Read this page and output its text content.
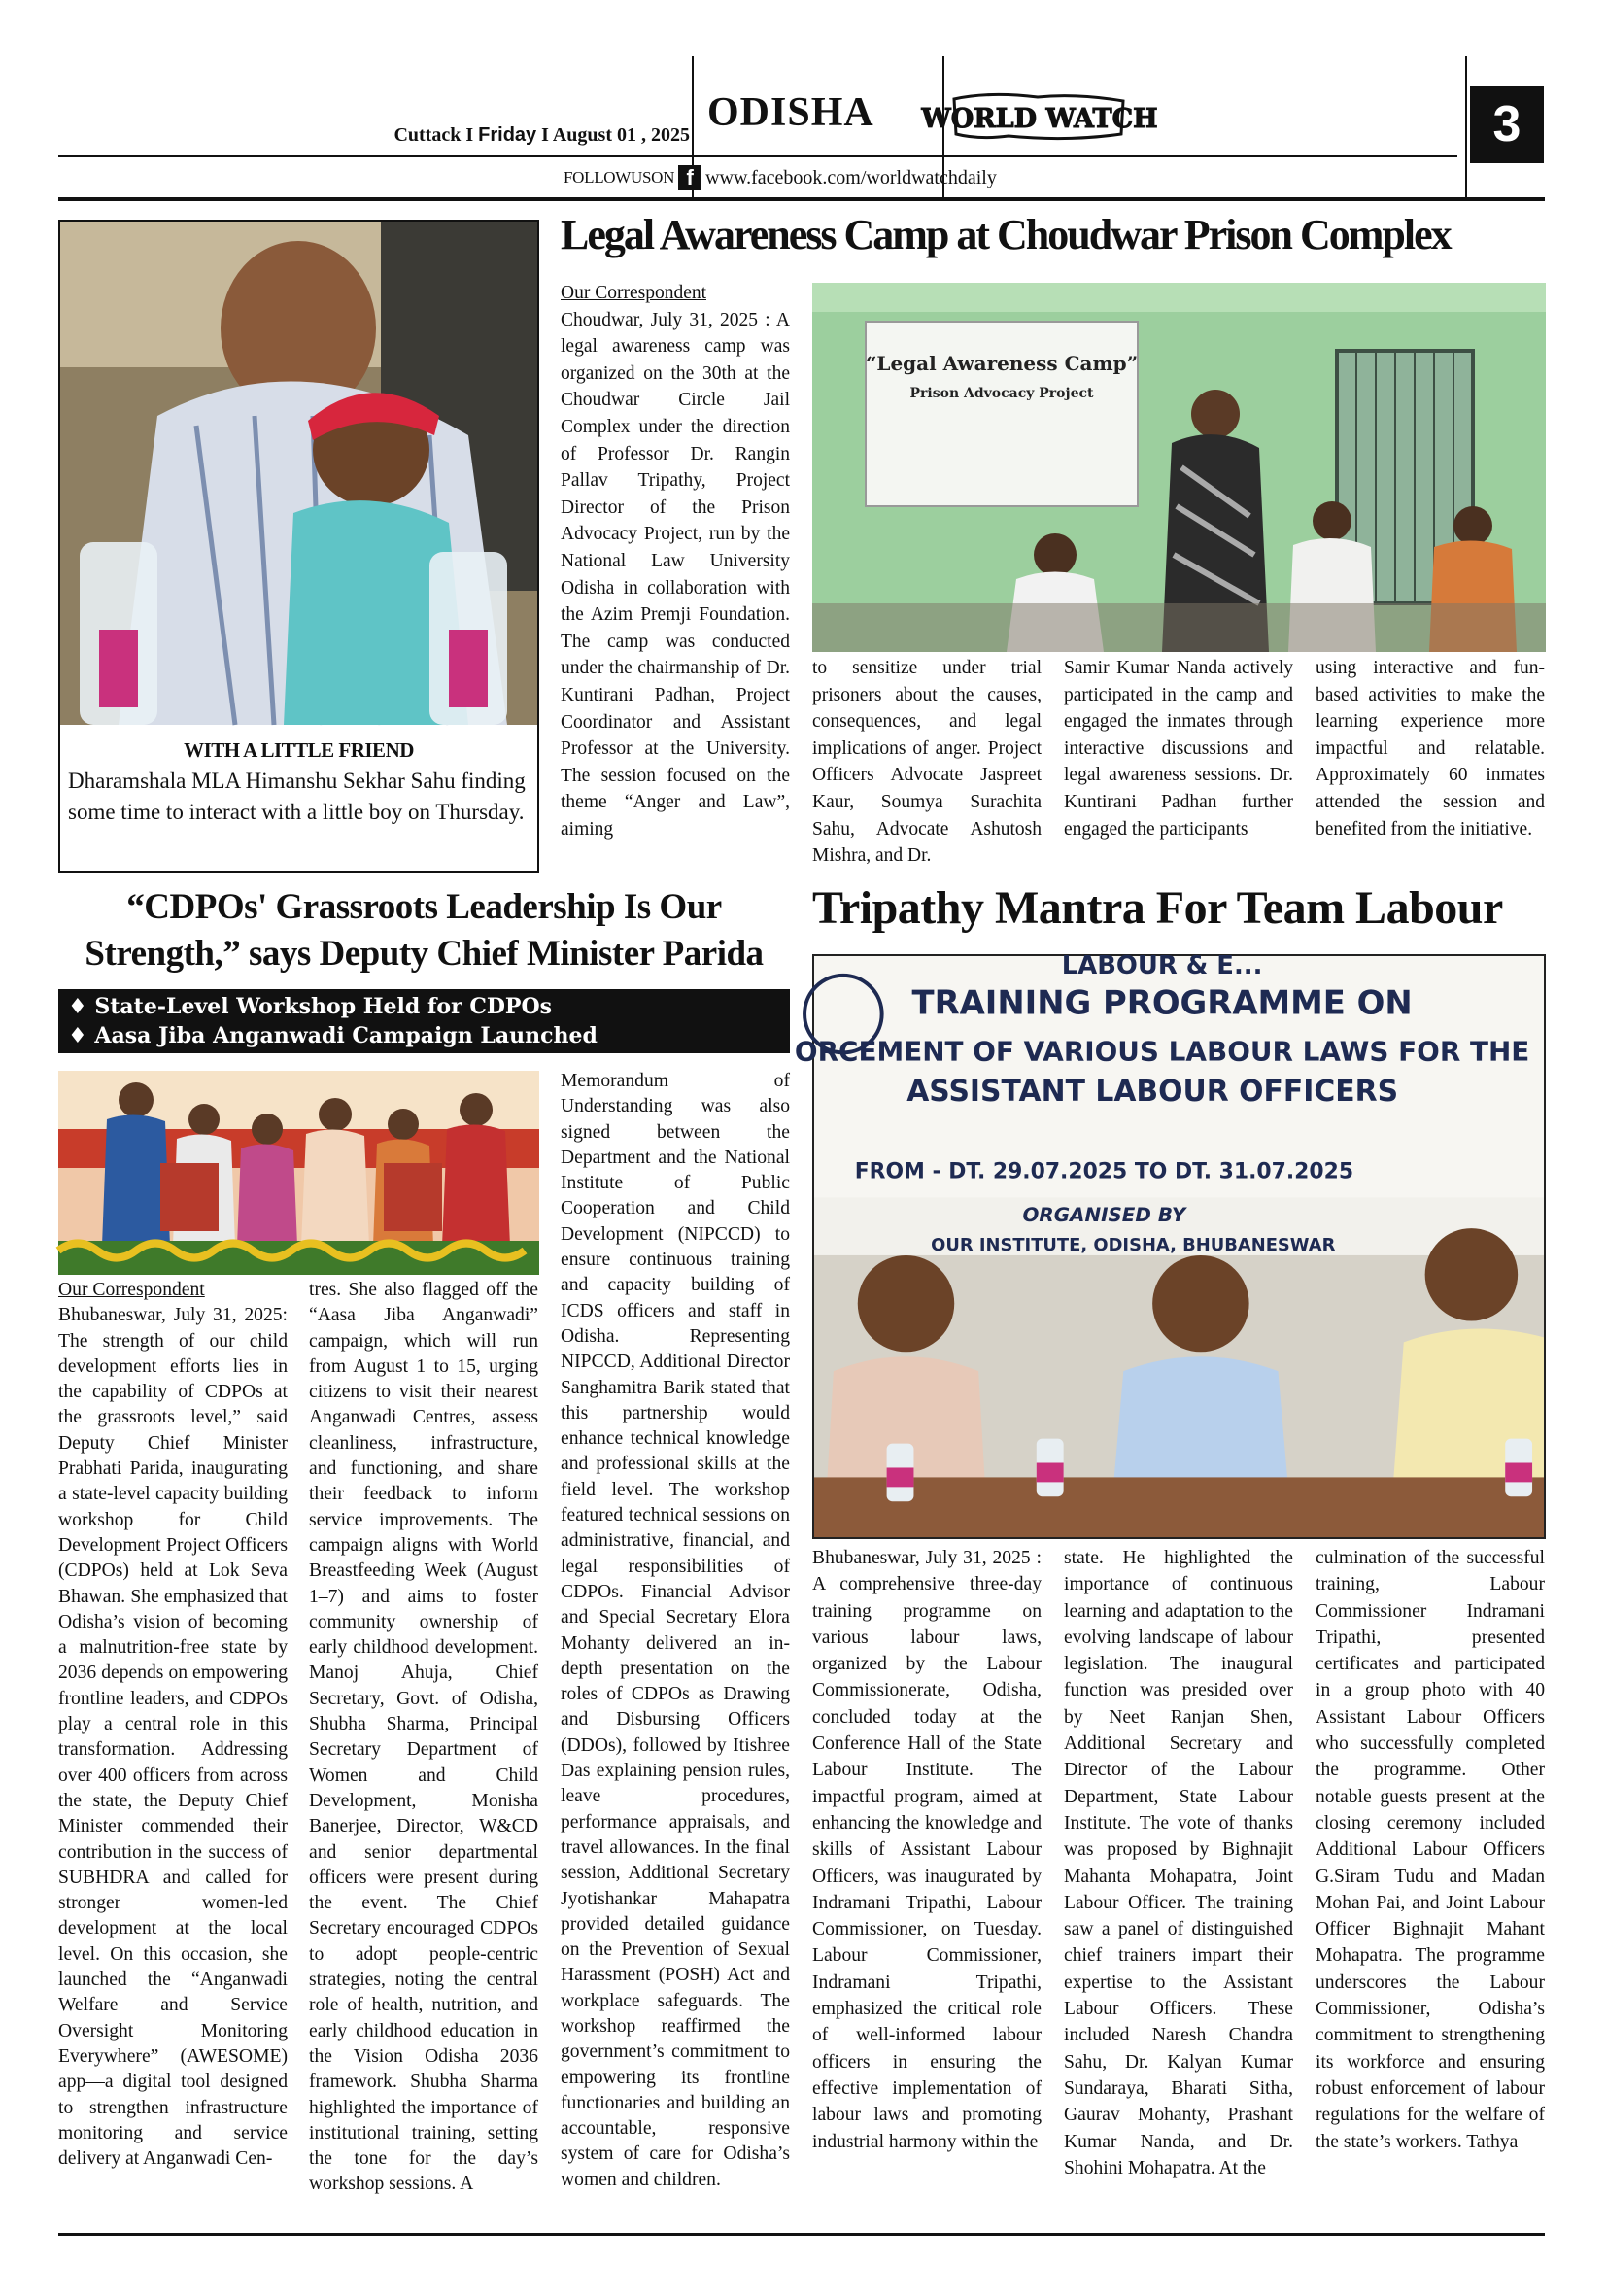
Cuttack I Friday I August 01 , 2025 ODISHA WORLD WATCH	3
FOLLOWUSON f www.facebook.com/worldwatchdaily
WITH A LITTLE FRIEND
Dharamshala MLA Himanshu Sekhar Sahu finding some time to interact with a little boy on Thursday.
Legal Awareness Camp at Choudwar Prison Complex
Our Correspondent

Choudwar, July 31, 2025 : A legal awareness camp was organized on the 30th at the Choudwar Circle Jail Complex under the direction of Professor Dr. Rangin Pallav Tripathy, Project Director of the Prison Advocacy Project, run by the National Law University Odisha in collaboration with the Azim Premji Foundation. The camp was conducted under the chairmanship of Dr. Kuntirani Padhan, Project Coordinator and Assistant Professor at the University. The session focused on the theme “Anger and Law”, aiming

“Legal Awareness Camp”
Prison Advocacy Project
to sensitize under trial prisoners about the causes, consequences, and legal implications of anger. Project Officers Advocate Jaspreet Kaur, Soumya Surachita Sahu, Advocate Ashutosh Mishra, and Dr.
Samir Kumar Nanda actively participated in the camp and engaged the inmates through interactive discussions and legal awareness sessions. Dr. Kuntirani Padhan further engaged the participants
using interactive and fun-based activities to make the learning experience more impactful and relatable. Approximately 60 inmates attended the session and benefited from the initiative.
“CDPOs' Grassroots Leadership Is Our
Strength,” says Deputy Chief Minister Parida
♦ State-Level Workshop Held for CDPOs
♦ Aasa Jiba Anganwadi Campaign Launched
Our Correspondent

Bhubaneswar, July 31, 2025: The strength of our child development efforts lies in the capability of CDPOs at the grassroots level,” said Deputy Chief Minister Prabhati Parida, inaugurating a state-level capacity building workshop for Child Development Project Officers (CDPOs) held at Lok Seva Bhawan. She emphasized that Odisha’s vision of becoming a malnutrition-free state by 2036 depends on empowering frontline leaders, and CDPOs play a central role in this transformation. Addressing over 400 officers from across the state, the Deputy Chief Minister commended their contribution in the success of SUBHDRA and called for stronger women-led development at the local level. On this occasion, she launched the “Anganwadi Welfare and Service Oversight Monitoring Everywhere” (AWESOME) app—a digital tool designed to strengthen infrastructure monitoring and service delivery at Anganwadi Cen-

tres. She also flagged off the “Aasa Jiba Anganwadi” campaign, which will run from August 1 to 15, urging citizens to visit their nearest Anganwadi Centres, assess cleanliness, infrastructure, and functioning, and share their feedback to inform service improvements. The campaign aligns with World Breastfeeding Week (August 1–7) and aims to foster community ownership of early childhood development. Manoj Ahuja, Chief Secretary, Govt. of Odisha, Shubha Sharma, Principal Secretary Department of Women and Child Development, Monisha Banerjee, Director, W&CD and senior departmental officers were present during the event. The Chief Secretary encouraged CDPOs to adopt people-centric strategies, noting the central role of health, nutrition, and early childhood education in the Vision Odisha 2036 framework. Shubha Sharma highlighted the importance of institutional training, setting the tone for the day’s workshop sessions. A
Memorandum of Understanding was also signed between the Department and the National Institute of Public Cooperation and Child Development (NIPCCD) to ensure continuous training and capacity building of ICDS officers and staff in Odisha. Representing NIPCCD, Additional Director Sanghamitra Barik stated that this partnership would enhance technical knowledge and professional skills at the field level. The workshop featured technical sessions on administrative, financial, and legal responsibilities of CDPOs. Financial Advisor and Special Secretary Elora Mohanty delivered an in-depth presentation on the roles of CDPOs as Drawing and Disbursing Officers (DDOs), followed by Itishree Das explaining pension rules, leave procedures, performance appraisals, and travel allowances. In the final session, Additional Secretary Jyotishankar Mahapatra provided detailed guidance on the Prevention of Sexual Harassment (POSH) Act and workplace safeguards. The workshop reaffirmed the government’s commitment to empowering its frontline functionaries and building an accountable, responsive system of care for Odisha’s women and children.
Tripathy Mantra For Team Labour
LABOUR & E...
TRAINING PROGRAMME ON
ORCEMENT OF VARIOUS LABOUR LAWS FOR THE
ASSISTANT LABOUR OFFICERS
FROM - DT. 29.07.2025 TO DT. 31.07.2025
ORGANISED BY
OUR INSTITUTE, ODISHA, BHUBANESWAR
Bhubaneswar, July 31, 2025 : A comprehensive three-day training programme on various labour laws, organized by the Labour Commissionerate, Odisha, concluded today at the Conference Hall of the State Labour Institute. The impactful program, aimed at enhancing the knowledge and skills of Assistant Labour Officers, was inaugurated by Indramani Tripathi, Labour Commissioner, on Tuesday. Labour Commissioner, Indramani Tripathi, emphasized the critical role of well-informed labour officers in ensuring the effective implementation of labour laws and promoting industrial harmony within the
state. He highlighted the importance of continuous learning and adaptation to the evolving landscape of labour legislation. The inaugural function was presided over by Neet Ranjan Shen, Additional Secretary and Director of the Labour Department, State Labour Institute. The vote of thanks was proposed by Bighnajit Mahanta Mohapatra, Joint Labour Officer. The training saw a panel of distinguished chief trainers impart their expertise to the Assistant Labour Officers. These included Naresh Chandra Sahu, Dr. Kalyan Kumar Sundaraya, Bharati Sitha, Gaurav Mohanty, Prashant Kumar Nanda, and Dr. Shohini Mohapatra. At the
culmination of the successful training, Labour Commissioner Indramani Tripathi, presented certificates and participated in a group photo with 40 Assistant Labour Officers who successfully completed the programme. Other notable guests present at the closing ceremony included Additional Labour Officers G.Siram Tudu and Madan Mohan Pai, and Joint Labour Officer Bighnajit Mahant Mohapatra. The programme underscores the Labour Commissioner, Odisha’s commitment to strengthening its workforce and ensuring robust enforcement of labour regulations for the welfare of the state’s workers. Tathya
